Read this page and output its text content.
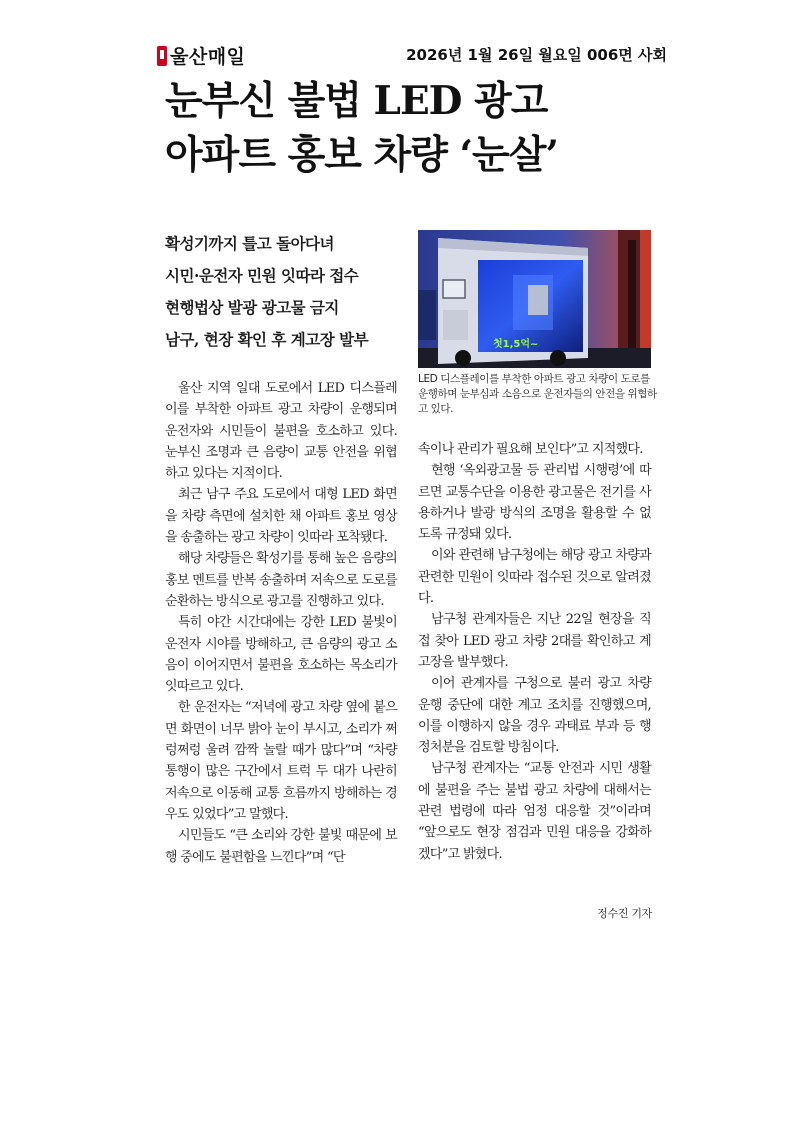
울산매일	2026년 1월 26일 월요일 006면 사회
눈부신 불법 LED 광고
아파트 홍보 차량 ‘눈살’
확성기까지 틀고 돌아다녀
시민·운전자 민원 잇따라 접수
현행법상 발광 광고물 금지
남구, 현장 확인 후 계고장 발부	첫1,5억~
LED 디스플레이를 부착한 아파트 광고 차량이 도로를 운행하며 눈부심과 소음으로 운전자들의 안전을 위협하고 있다.

울산 지역 일대 도로에서 LED 디스플레이를 부착한 아파트 광고 차량이 운행되며 운전자와 시민들이 불편을 호소하고 있다. 눈부신 조명과 큰 음량이 교통 안전을 위협하고 있다는 지적이다.

최근 남구 주요 도로에서 대형 LED 화면을 차량 측면에 설치한 채 아파트 홍보 영상을 송출하는 광고 차량이 잇따라 포착됐다.

해당 차량들은 확성기를 통해 높은 음량의 홍보 멘트를 반복 송출하며 저속으로 도로를 순환하는 방식으로 광고를 진행하고 있다.

특히 야간 시간대에는 강한 LED 불빛이 운전자 시야를 방해하고, 큰 음량의 광고 소음이 이어지면서 불편을 호소하는 목소리가 잇따르고 있다.

한 운전자는 “저녁에 광고 차량 옆에 붙으면 화면이 너무 밝아 눈이 부시고, 소리가 쩌렁쩌렁 울려 깜짝 놀랄 때가 많다”며 “차량 통행이 많은 구간에서 트럭 두 대가 나란히 저속으로 이동해 교통 흐름까지 방해하는 경우도 있었다”고 말했다.

시민들도 “큰 소리와 강한 불빛 때문에 보행 중에도 불편함을 느낀다”며 “단

속이나 관리가 필요해 보인다”고 지적했다.

현행 ‘옥외광고물 등 관리법 시행령’에 따르면 교통수단을 이용한 광고물은 전기를 사용하거나 발광 방식의 조명을 활용할 수 없도록 규정돼 있다.

이와 관련해 남구청에는 해당 광고 차량과 관련한 민원이 잇따라 접수된 것으로 알려졌다.

남구청 관계자들은 지난 22일 현장을 직접 찾아 LED 광고 차량 2대를 확인하고 계고장을 발부했다.

이어 관계자를 구청으로 불러 광고 차량 운행 중단에 대한 계고 조치를 진행했으며, 이를 이행하지 않을 경우 과태료 부과 등 행정처분을 검토할 방침이다.

남구청 관계자는 “교통 안전과 시민 생활에 불편을 주는 불법 광고 차량에 대해서는 관련 법령에 따라 엄정 대응할 것”이라며 “앞으로도 현장 점검과 민원 대응을 강화하겠다”고 밝혔다.

정수진 기자
